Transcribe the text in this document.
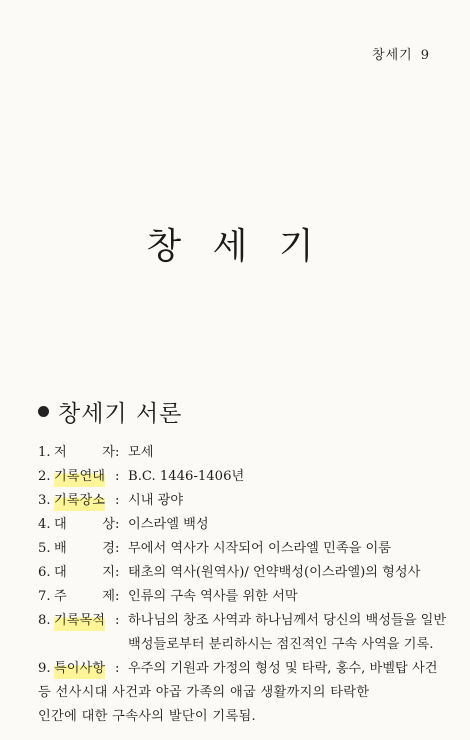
창세기 9
창 세 기
창세기 서론
1. 저	자 : 모세
2. 기록연대 : B.C. 1446-1406년
3. 기록장소 : 시내 광야
4. 대	상 : 이스라엘 백성
5. 배	경 : 무에서 역사가 시작되어 이스라엘 민족을 이룸
6. 대	지 : 태초의 역사(원역사)/ 언약백성(이스라엘)의 형성사
7. 주	제 : 인류의 구속 역사를 위한 서막
8. 기록목적 : 하나님의 창조 사역과 하나님께서 당신의 백성들을 일반
백성들로부터 분리하시는 점진적인 구속 사역을 기록.
9. 특이사항 : 우주의 기원과 가정의 형성 및 타락, 홍수, 바벨탑 사건
등 선사시대 사건과 야곱 가족의 애굽 생활까지의 타락한
인간에 대한 구속사의 발단이 기록됨.
